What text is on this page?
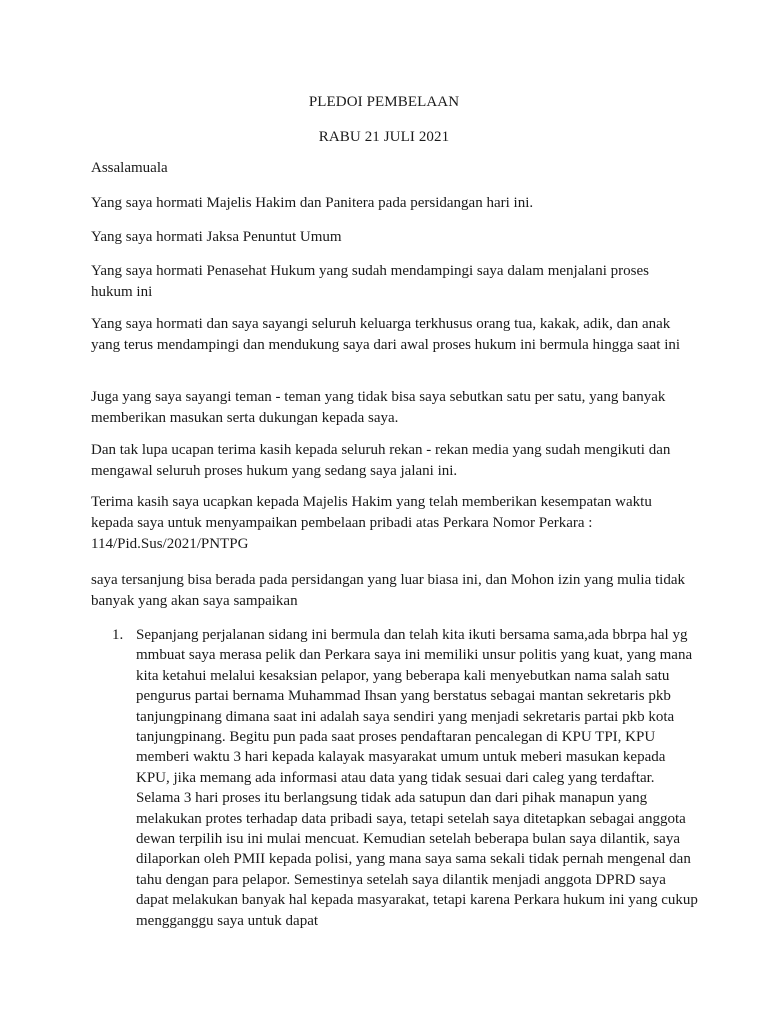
PLEDOI PEMBELAAN
RABU 21 JULI 2021

Assalamuala

Yang saya hormati Majelis Hakim dan Panitera pada persidangan hari ini.

Yang saya hormati Jaksa Penuntut Umum

Yang saya hormati Penasehat Hukum yang sudah mendampingi saya dalam menjalani proses hukum ini

Yang saya hormati dan saya sayangi seluruh keluarga terkhusus orang tua, kakak, adik, dan anak yang terus mendampingi dan mendukung saya dari awal proses hukum ini bermula hingga saat ini

Juga yang saya sayangi teman - teman yang tidak bisa saya sebutkan satu per satu, yang banyak memberikan masukan serta dukungan kepada saya.

Dan tak lupa ucapan terima kasih kepada seluruh rekan - rekan media yang sudah mengikuti dan mengawal seluruh proses hukum yang sedang saya jalani ini.

Terima kasih saya ucapkan kepada Majelis Hakim yang telah memberikan kesempatan waktu kepada saya untuk menyampaikan pembelaan pribadi atas Perkara Nomor Perkara : 114/Pid.Sus/2021/PNTPG

saya tersanjung bisa berada pada persidangan yang luar biasa ini, dan Mohon izin yang mulia tidak banyak yang akan saya sampaikan

1. Sepanjang perjalanan sidang ini bermula dan telah kita ikuti bersama sama,ada bbrpa hal yg mmbuat saya merasa pelik dan Perkara saya ini memiliki unsur politis yang kuat, yang mana kita ketahui melalui kesaksian pelapor, yang beberapa kali menyebutkan nama salah satu pengurus partai bernama Muhammad Ihsan yang berstatus sebagai mantan sekretaris pkb tanjungpinang dimana saat ini adalah saya sendiri yang menjadi sekretaris partai pkb kota tanjungpinang. Begitu pun pada saat proses pendaftaran pencalegan di KPU TPI, KPU memberi waktu 3 hari kepada kalayak masyarakat umum untuk meberi masukan kepada KPU, jika memang ada informasi atau data yang tidak sesuai dari caleg yang terdaftar. Selama 3 hari proses itu berlangsung tidak ada satupun dan dari pihak manapun yang melakukan protes terhadap data pribadi saya, tetapi setelah saya ditetapkan sebagai anggota dewan terpilih isu ini mulai mencuat. Kemudian setelah beberapa bulan saya dilantik, saya dilaporkan oleh PMII kepada polisi, yang mana saya sama sekali tidak pernah mengenal dan tahu dengan para pelapor. Semestinya setelah saya dilantik menjadi anggota DPRD saya dapat melakukan banyak hal kepada masyarakat, tetapi karena Perkara hukum ini yang cukup mengganggu saya untuk dapat
